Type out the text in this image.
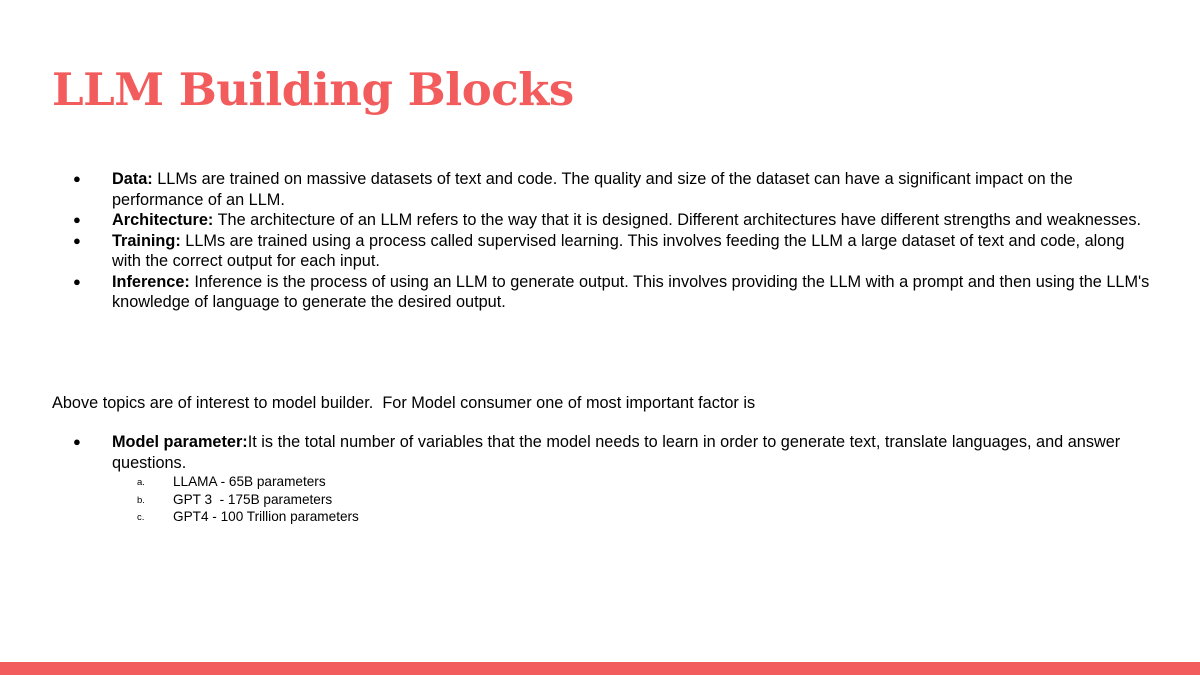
LLM Building Blocks
● Data: LLMs are trained on massive datasets of text and code. The quality and size of the dataset can have a significant impact on the performance of an LLM.
● Architecture: The architecture of an LLM refers to the way that it is designed. Different architectures have different strengths and weaknesses.
● Training: LLMs are trained using a process called supervised learning. This involves feeding the LLM a large dataset of text and code, along with the correct output for each input.
● Inference: Inference is the process of using an LLM to generate output. This involves providing the LLM with a prompt and then using the LLM's knowledge of language to generate the desired output.

Above topics are of interest to model builder.  For Model consumer one of most important factor is

● Model parameter:It is the total number of variables that the model needs to learn in order to generate text, translate languages, and answer questions.
a. LLAMA - 65B parameters
b. GPT 3  - 175B parameters
c. GPT4 - 100 Trillion parameters
